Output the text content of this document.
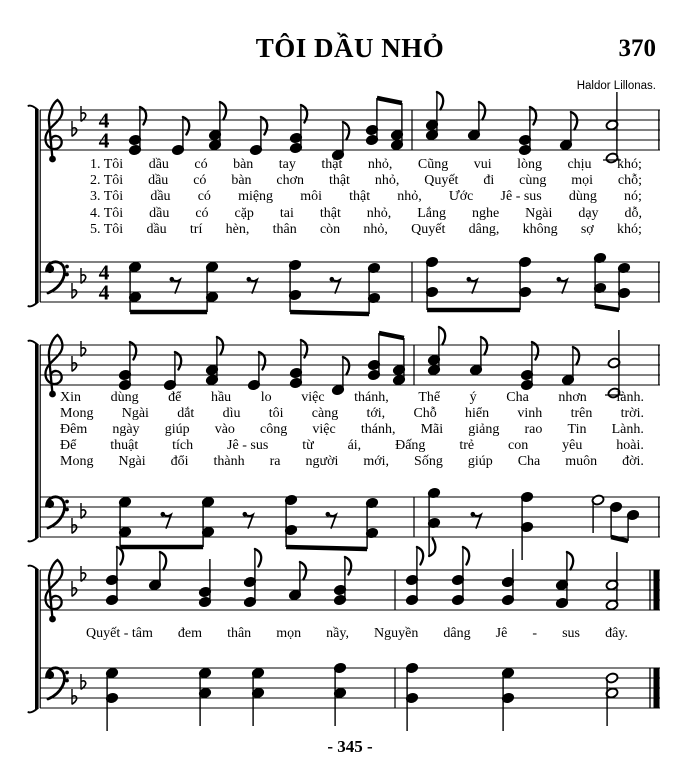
TÔI DẦU NHỎ	370
Haldor Lillonas.
4
4
4
4
1. Tôi dầu có bàn tay thật nhỏ, Cũng vui lòng chịu khó;
2. Tôi dầu có bàn chơn thật nhỏ, Quyết đi cùng mọi chỗ;
3. Tôi dầu có miệng môi thật nhỏ, Ước Jê - sus dùng nó;
4. Tôi dầu có cặp tai thật nhỏ, Lắng nghe Ngài dạy dỗ,
5. Tôi dầu trí hèn, thân còn nhỏ, Quyết dâng, không sợ khó;
Xin dùng để hầu lo việc thánh, Thể ý Cha nhơn lành.
Mong Ngài dắt dìu tôi càng tới, Chỗ hiển vinh trên trời.
Đêm ngày giúp vào công việc thánh, Mãi giảng rao Tin Lành.
Để thuật tích Jê - sus từ ái, Đấng trẻ con yêu hoài.
Mong Ngài đổi thành ra người mới, Sống giúp Cha muôn đời.
Quyết - tâm đem thân mọn nầy, Nguyền dâng Jê - sus đây.
- 345 -
